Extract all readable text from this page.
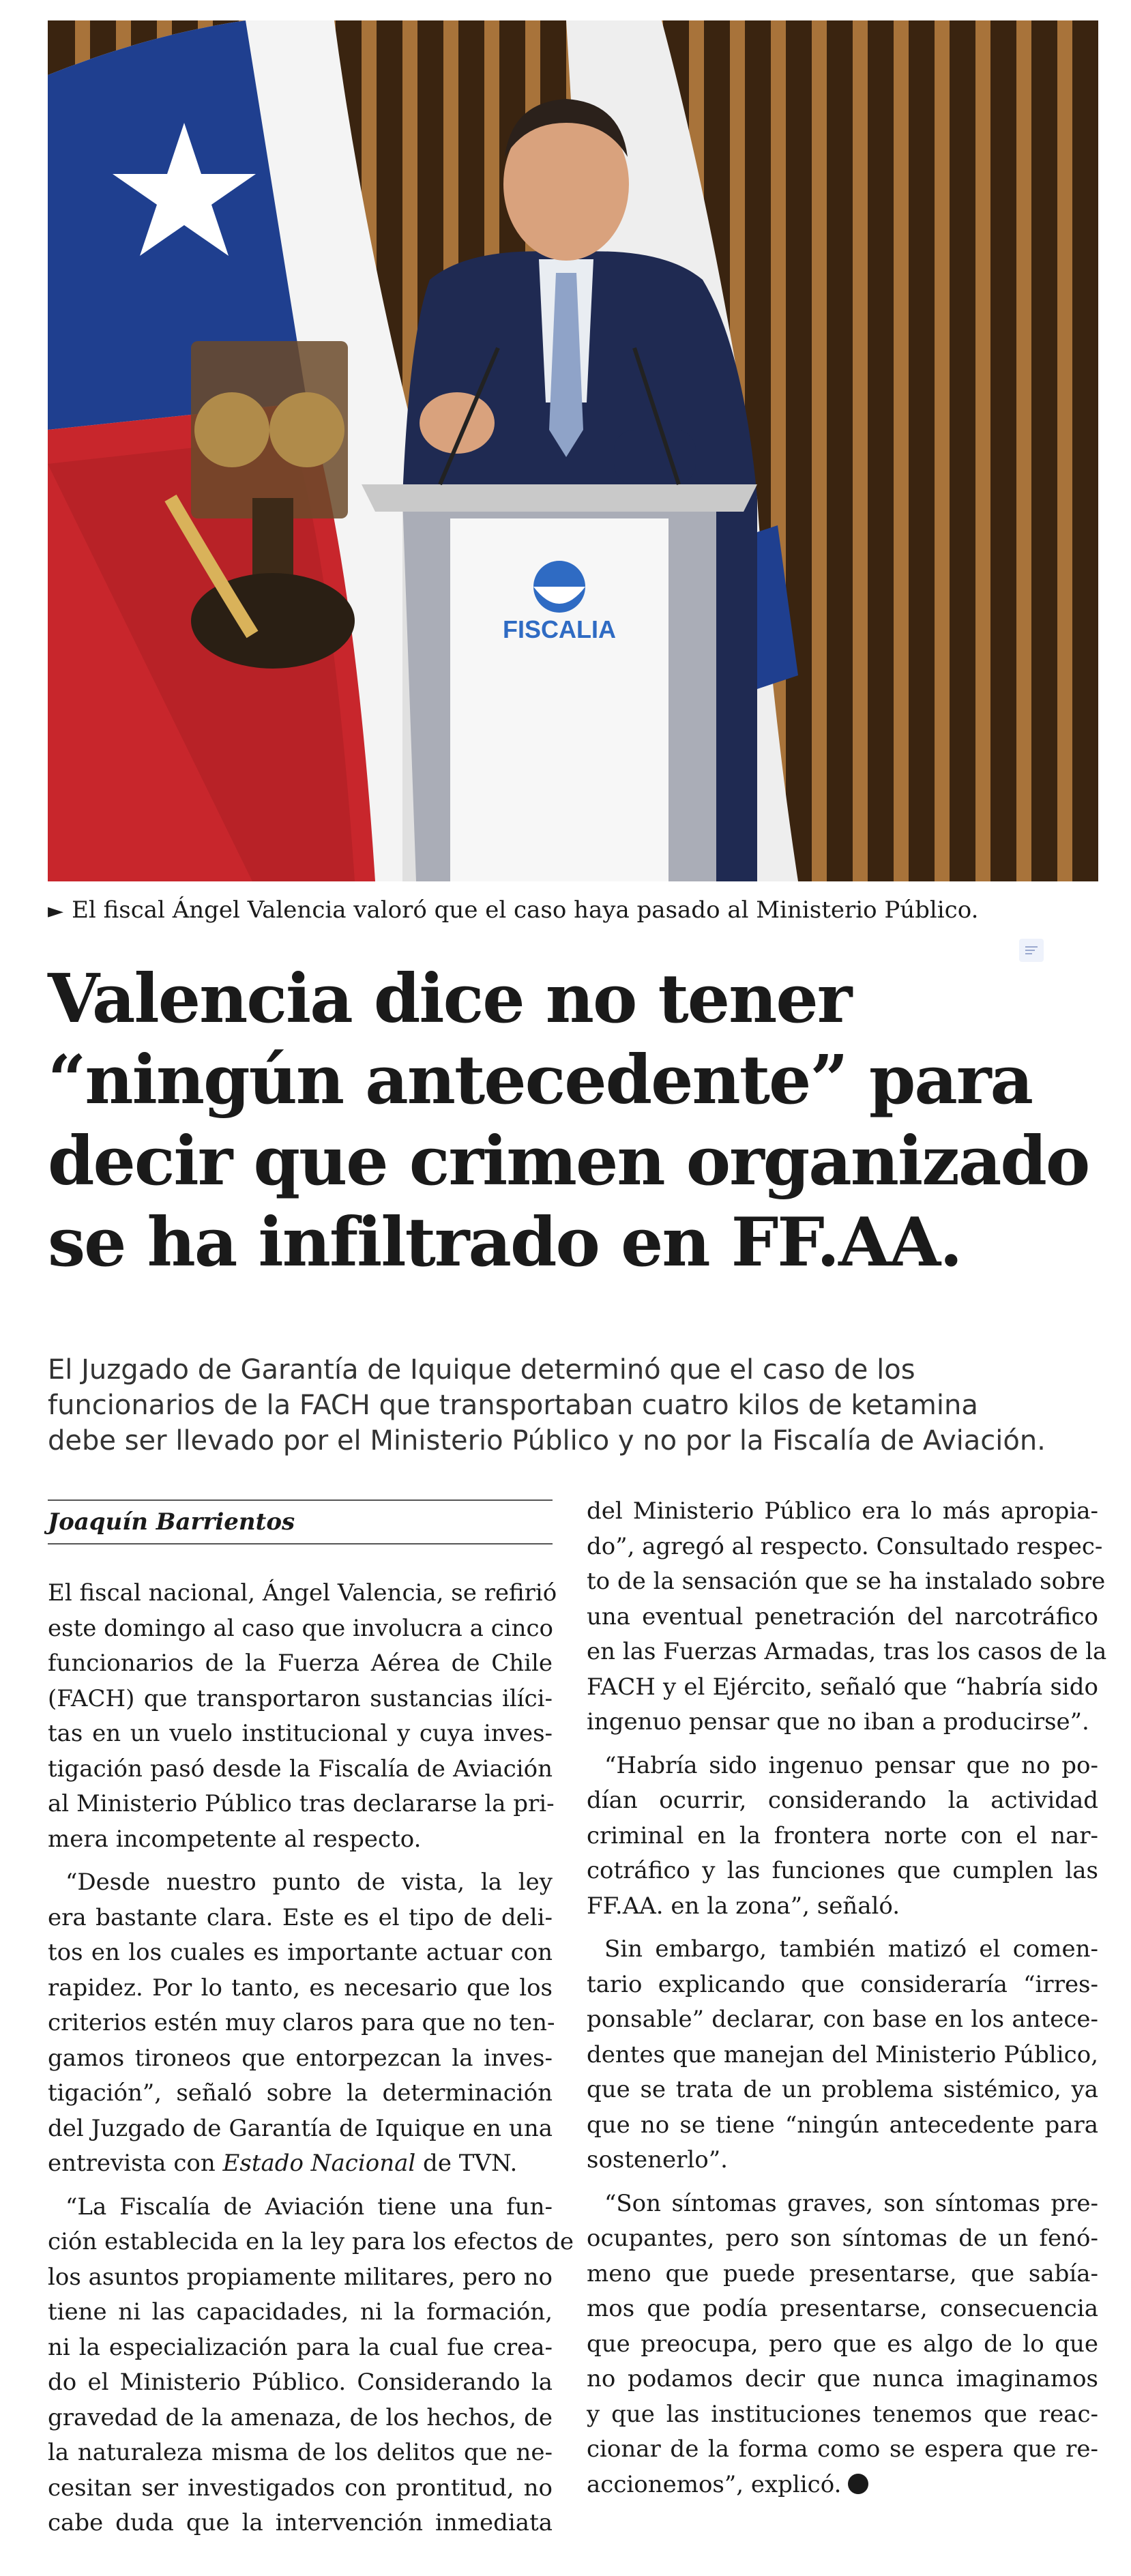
FISCALIA
► El fiscal Ángel Valencia valoró que el caso haya pasado al Ministerio Público.
Valencia dice no tener
“ningún antecedente” para
decir que crimen organizado
se ha infiltrado en FF.AA.
El Juzgado de Garantía de Iquique determinó que el caso de los
funcionarios de la FACH que transportaban cuatro kilos de ketamina
debe ser llevado por el Ministerio Público y no por la Fiscalía de Aviación.
Joaquín Barrientos
El fiscal nacional, Ángel Valencia, se refirió
este domingo al caso que involucra a cinco
funcionarios de la Fuerza Aérea de Chile
(FACH) que transportaron sustancias ilíci-
tas en un vuelo institucional y cuya inves-
tigación pasó desde la Fiscalía de Aviación
al Ministerio Público tras declararse la pri-
mera incompetente al respecto.
“Desde nuestro punto de vista, la ley
era bastante clara. Este es el tipo de deli-
tos en los cuales es importante actuar con
rapidez. Por lo tanto, es necesario que los
criterios estén muy claros para que no ten-
gamos tironeos que entorpezcan la inves-
tigación”, señaló sobre la determinación
del Juzgado de Garantía de Iquique en una
entrevista con Estado Nacional de TVN.
“La Fiscalía de Aviación tiene una fun-
ción establecida en la ley para los efectos de
los asuntos propiamente militares, pero no
tiene ni las capacidades, ni la formación,
ni la especialización para la cual fue crea-
do el Ministerio Público. Considerando la
gravedad de la amenaza, de los hechos, de
la naturaleza misma de los delitos que ne-
cesitan ser investigados con prontitud, no
cabe duda que la intervención inmediata
del Ministerio Público era lo más apropia-
do”, agregó al respecto. Consultado respec-
to de la sensación que se ha instalado sobre
una eventual penetración del narcotráfico
en las Fuerzas Armadas, tras los casos de la
FACH y el Ejército, señaló que “habría sido
ingenuo pensar que no iban a producirse”.
“Habría sido ingenuo pensar que no po-
dían ocurrir, considerando la actividad
criminal en la frontera norte con el nar-
cotráfico y las funciones que cumplen las
FF.AA. en la zona”, señaló.
Sin embargo, también matizó el comen-
tario explicando que consideraría “irres-
ponsable” declarar, con base en los antece-
dentes que manejan del Ministerio Público,
que se trata de un problema sistémico, ya
que no se tiene “ningún antecedente para
sostenerlo”.
“Son síntomas graves, son síntomas pre-
ocupantes, pero son síntomas de un fenó-
meno que puede presentarse, que sabía-
mos que podía presentarse, consecuencia
que preocupa, pero que es algo de lo que
no podamos decir que nunca imaginamos
y que las instituciones tenemos que reac-
cionar de la forma como se espera que re-
accionemos”, explicó.
